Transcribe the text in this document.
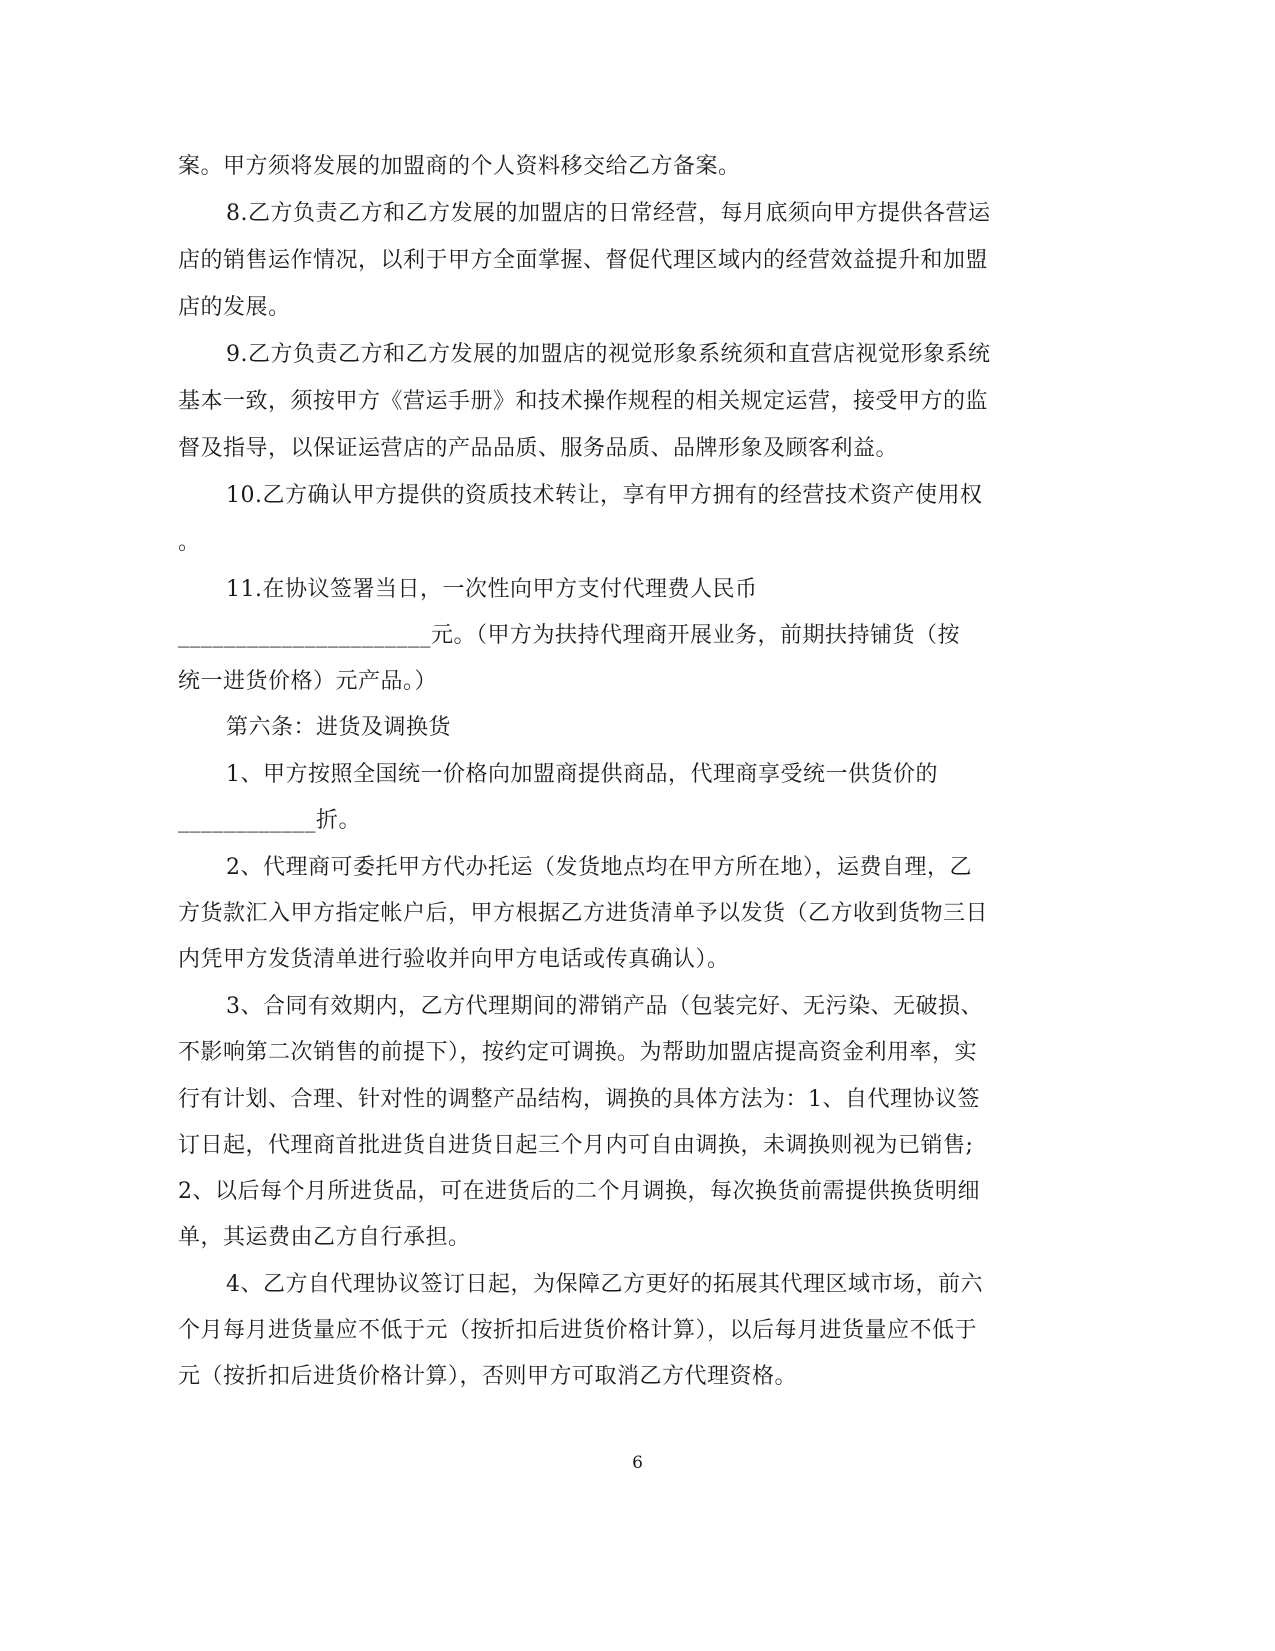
案。甲方须将发展的加盟商的个人资料移交给乙方备案。
8.乙方负责乙方和乙方发展的加盟店的日常经营，每月底须向甲方提供各营运
店的销售运作情况，以利于甲方全面掌握、督促代理区域内的经营效益提升和加盟
店的发展。
9.乙方负责乙方和乙方发展的加盟店的视觉形象系统须和直营店视觉形象系统
基本一致，须按甲方《营运手册》和技术操作规程的相关规定运营，接受甲方的监
督及指导，以保证运营店的产品品质、服务品质、品牌形象及顾客利益。
10.乙方确认甲方提供的资质技术转让，享有甲方拥有的经营技术资产使用权
。
11.在协议签署当日，一次性向甲方支付代理费人民币
______________________元。（甲方为扶持代理商开展业务，前期扶持铺货（按
统一进货价格）元产品。）
第六条：进货及调换货
1、甲方按照全国统一价格向加盟商提供商品，代理商享受统一供货价的
____________折。
2、代理商可委托甲方代办托运（发货地点均在甲方所在地），运费自理，乙
方货款汇入甲方指定帐户后，甲方根据乙方进货清单予以发货（乙方收到货物三日
内凭甲方发货清单进行验收并向甲方电话或传真确认）。
3、合同有效期内，乙方代理期间的滞销产品（包装完好、无污染、无破损、
不影响第二次销售的前提下），按约定可调换。为帮助加盟店提高资金利用率，实
行有计划、合理、针对性的调整产品结构，调换的具体方法为：1、自代理协议签
订日起，代理商首批进货自进货日起三个月内可自由调换，未调换则视为已销售;
2、以后每个月所进货品，可在进货后的二个月调换，每次换货前需提供换货明细
单，其运费由乙方自行承担。
4、乙方自代理协议签订日起，为保障乙方更好的拓展其代理区域市场，前六
个月每月进货量应不低于元（按折扣后进货价格计算），以后每月进货量应不低于
元（按折扣后进货价格计算），否则甲方可取消乙方代理资格。
6
